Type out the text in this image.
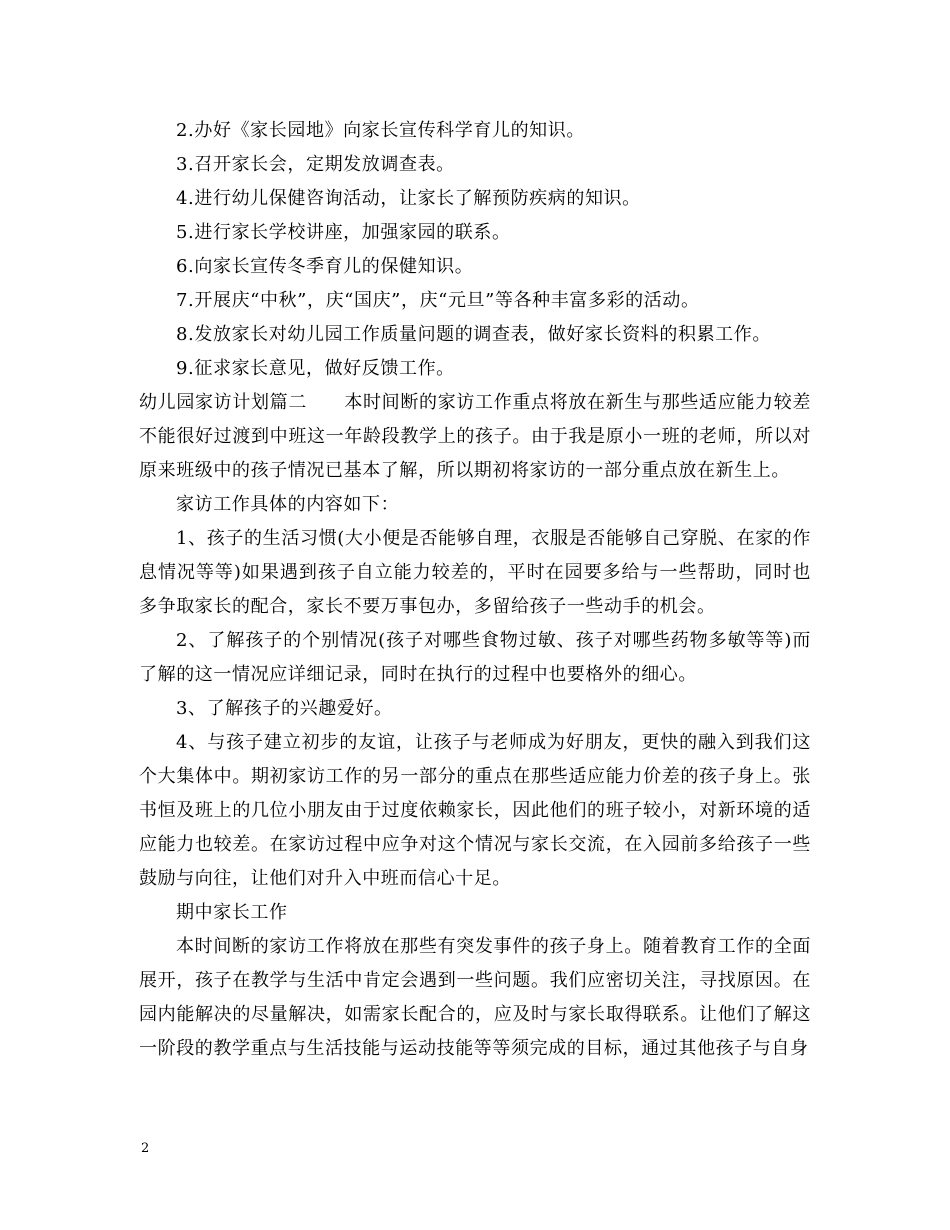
2.办好《家长园地》向家长宣传科学育儿的知识。

3.召开家长会，定期发放调查表。

4.进行幼儿保健咨询活动，让家长了解预防疾病的知识。

5.进行家长学校讲座，加强家园的联系。

6.向家长宣传冬季育儿的保健知识。

7.开展庆“中秋”，庆“国庆”，庆“元旦”等各种丰富多彩的活动。

8.发放家长对幼儿园工作质量问题的调查表，做好家长资料的积累工作。

9.征求家长意见，做好反馈工作。

幼儿园家访计划篇二　　本时间断的家访工作重点将放在新生与那些适应能力较差不能很好过渡到中班这一年龄段教学上的孩子。由于我是原小一班的老师，所以对原来班级中的孩子情况已基本了解，所以期初将家访的一部分重点放在新生上。

家访工作具体的内容如下：

1、孩子的生活习惯(大小便是否能够自理，衣服是否能够自己穿脱、在家的作息情况等等)如果遇到孩子自立能力较差的，平时在园要多给与一些帮助，同时也多争取家长的配合，家长不要万事包办，多留给孩子一些动手的机会。

2、了解孩子的个别情况(孩子对哪些食物过敏、孩子对哪些药物多敏等等)而了解的这一情况应详细记录，同时在执行的过程中也要格外的细心。

3、了解孩子的兴趣爱好。

4、与孩子建立初步的友谊，让孩子与老师成为好朋友，更快的融入到我们这个大集体中。期初家访工作的另一部分的重点在那些适应能力价差的孩子身上。张书恒及班上的几位小朋友由于过度依赖家长，因此他们的班子较小，对新环境的适应能力也较差。在家访过程中应争对这个情况与家长交流，在入园前多给孩子一些鼓励与向往，让他们对升入中班而信心十足。

期中家长工作

本时间断的家访工作将放在那些有突发事件的孩子身上。随着教育工作的全面展开，孩子在教学与生活中肯定会遇到一些问题。我们应密切关注，寻找原因。在园内能解决的尽量解决，如需家长配合的，应及时与家长取得联系。让他们了解这一阶段的教学重点与生活技能与运动技能等等须完成的目标，通过其他孩子与自身

2
